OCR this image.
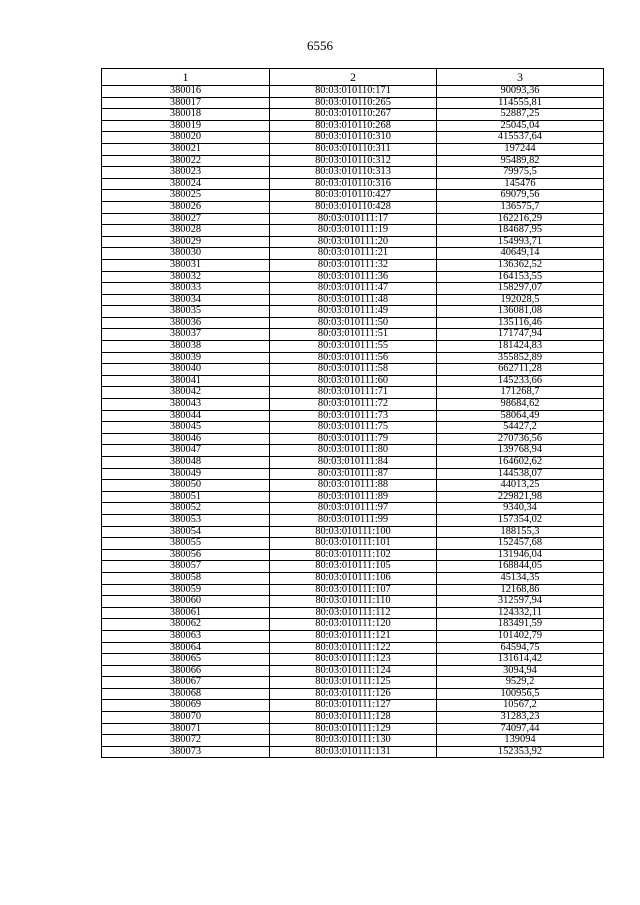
6556
1	2	3
380016	80:03:010110:171	90093,36
380017	80:03:010110:265	114555,81
380018	80:03:010110:267	52887,25
380019	80:03:010110:268	25045,04
380020	80:03:010110:310	415537,64
380021	80:03:010110:311	197244
380022	80:03:010110:312	95489,82
380023	80:03:010110:313	79975,5
380024	80:03:010110:316	145476
380025	80:03:010110:427	69079,56
380026	80:03:010110:428	136575,7
380027	80:03:010111:17	162216,29
380028	80:03:010111:19	184687,95
380029	80:03:010111:20	154993,71
380030	80:03:010111:21	40649,14
380031	80:03:010111:32	136362,52
380032	80:03:010111:36	164153,55
380033	80:03:010111:47	158297,07
380034	80:03:010111:48	192028,5
380035	80:03:010111:49	136081,08
380036	80:03:010111:50	135116,46
380037	80:03:010111:51	171747,94
380038	80:03:010111:55	181424,83
380039	80:03:010111:56	355852,89
380040	80:03:010111:58	662711,28
380041	80:03:010111:60	145233,66
380042	80:03:010111:71	171268,7
380043	80:03:010111:72	98684,62
380044	80:03:010111:73	58064,49
380045	80:03:010111:75	54427,2
380046	80:03:010111:79	270736,56
380047	80:03:010111:80	139768,94
380048	80:03:010111:84	164602,62
380049	80:03:010111:87	144538,07
380050	80:03:010111:88	44013,25
380051	80:03:010111:89	229821,98
380052	80:03:010111:97	9340,34
380053	80:03:010111:99	157354,02
380054	80:03:010111:100	188155,3
380055	80:03:010111:101	152457,68
380056	80:03:010111:102	131946,04
380057	80:03:010111:105	168844,05
380058	80:03:010111:106	45134,35
380059	80:03:010111:107	12168,86
380060	80:03:010111:110	312597,94
380061	80:03:010111:112	124332,11
380062	80:03:010111:120	183491,59
380063	80:03:010111:121	101402,79
380064	80:03:010111:122	64594,75
380065	80:03:010111:123	131614,42
380066	80:03:010111:124	3094,94
380067	80:03:010111:125	9529,2
380068	80:03:010111:126	100956,5
380069	80:03:010111:127	10567,2
380070	80:03:010111:128	31283,23
380071	80:03:010111:129	74097,44
380072	80:03:010111:130	139094
380073	80:03:010111:131	152353,92
